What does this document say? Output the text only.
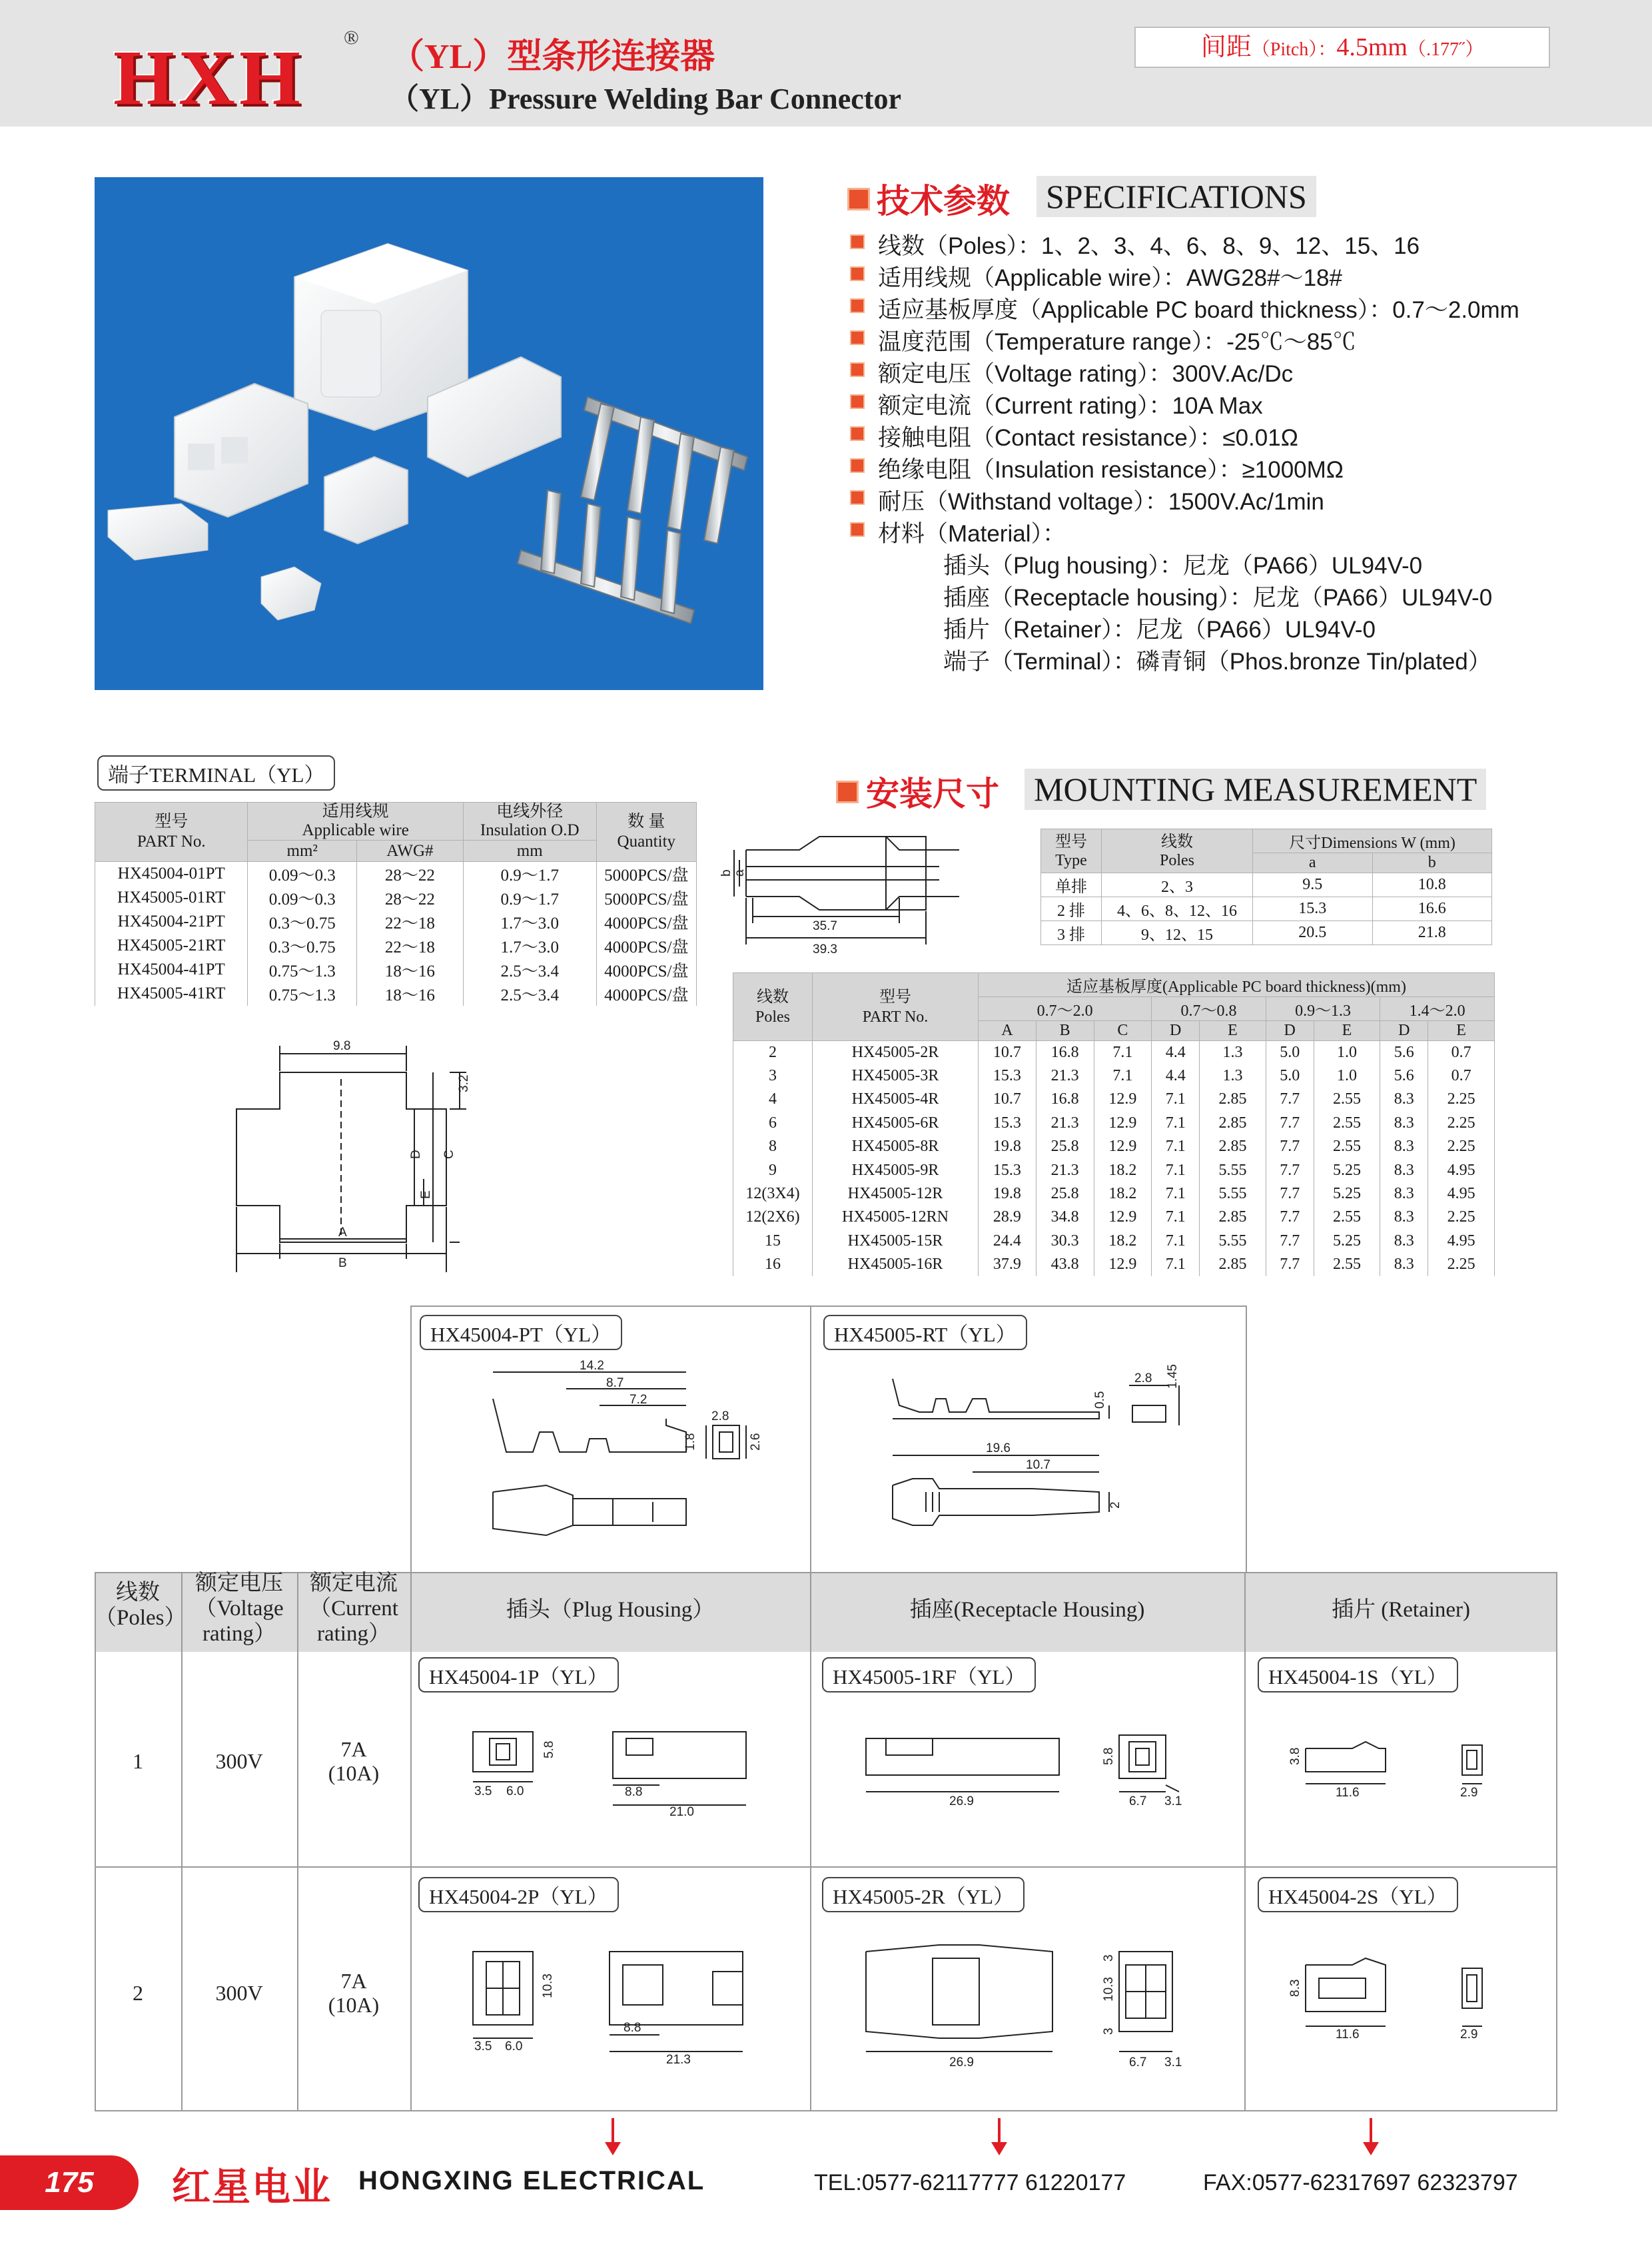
HXH ®
（YL）型条形连接器
（YL）Pressure Welding Bar Connector
间距（Pitch）：4.5mm（.177˝）
技术参数 SPECIFICATIONS
线数（Poles）：1、2、3、4、6、8、9、12、15、16
适用线规（Applicable wire）：AWG28#～18#
适应基板厚度（Applicable PC board thickness）：0.7～2.0mm
温度范围（Temperature range）：-25℃～85℃
额定电压（Voltage rating）：300V.Ac/Dc
额定电流（Current rating）：10A Max
接触电阻（Contact resistance）：≤0.01Ω
绝缘电阻（Insulation resistance）：≥1000MΩ
耐压（Withstand voltage）：1500V.Ac/1min
材料（Material）：
插头（Plug housing）：尼龙（PA66）UL94V-0
插座（Receptacle housing）：尼龙（PA66）UL94V-0
插片（Retainer）：尼龙（PA66）UL94V-0
端子（Terminal）：磷青铜（Phos.bronze Tin/plated）
端子TERMINAL（YL）
型号
PART No.	适用线规
Applicable wire		电线外径
Insulation O.D	数 量
Quantity
	mm²	AWG#	mm	
HX45004-01PT	0.09～0.3	28～22	0.9～1.7	5000PCS/盘
HX45005-01RT	0.09～0.3	28～22	0.9～1.7	5000PCS/盘
HX45004-21PT	0.3～0.75	22～18	1.7～3.0	4000PCS/盘
HX45005-21RT	0.3～0.75	22～18	1.7～3.0	4000PCS/盘
HX45004-41PT	0.75～1.3	18～16	2.5～3.4	4000PCS/盘
HX45005-41RT	0.75～1.3	18～16	2.5～3.4	4000PCS/盘
9.8
3.2
D C
E
A
B
安装尺寸 MOUNTING MEASUREMENT
35.7
39.3
b a
型号
Type	线数
Poles	尺寸Dimensions W (mm)	
		a	b
单排	2、3	9.5	10.8
2 排	4、6、8、12、16	15.3	16.6
3 排	9、12、15	20.5	21.8
线数
Poles	型号
PART No.	适应基板厚度(Applicable PC board thickness)(mm)								
		0.7～2.0			0.7～0.8		0.9～1.3		1.4～2.0	
		A	B	C	D	E	D	E	D	E
2	HX45005-2R	10.7	16.8	7.1	4.4	1.3	5.0	1.0	5.6	0.7
3	HX45005-3R	15.3	21.3	7.1	4.4	1.3	5.0	1.0	5.6	0.7
4	HX45005-4R	10.7	16.8	12.9	7.1	2.85	7.7	2.55	8.3	2.25
6	HX45005-6R	15.3	21.3	12.9	7.1	2.85	7.7	2.55	8.3	2.25
8	HX45005-8R	19.8	25.8	12.9	7.1	2.85	7.7	2.55	8.3	2.25
9	HX45005-9R	15.3	21.3	18.2	7.1	5.55	7.7	5.25	8.3	4.95
12(3X4)	HX45005-12R	19.8	25.8	18.2	7.1	5.55	7.7	5.25	8.3	4.95
12(2X6)	HX45005-12RN	28.9	34.8	12.9	7.1	2.85	7.7	2.55	8.3	2.25
15	HX45005-15R	24.4	30.3	18.2	7.1	5.55	7.7	5.25	8.3	4.95
16	HX45005-16R	37.9	43.8	12.9	7.1	2.85	7.7	2.55	8.3	2.25
HX45004-PT（YL）	HX45005-RT（YL）
14.2
8.7
7.2
2.8
1.8	2.6
0.5
2.8 1.45
19.6
10.7
2
线数
（Poles）
额定电压
（Voltage
rating）
额定电流
（Current
rating）
插头（Plug Housing）	插座(Receptacle Housing)	插片 (Retainer)
1	300V	7A
(10A)
HX45004-1P（YL）	HX45005-1RF（YL）	HX45004-1S（YL）
5.8
3.5 6.0	8.8
21.0
26.9
5.8
6.7 3.1
3.8
11.6	2.9
2	300V	7A
(10A)
HX45004-2P（YL）	HX45005-2R（YL）	HX45004-2S（YL）
10.3
3.5 6.0
8.8
21.3
3
10.3
3
26.9	6.7 3.1
8.3
11.6	2.9
175	红星电业 HONGXING ELECTRICAL	TEL:0577-62117777 61220177	FAX:0577-62317697 62323797
